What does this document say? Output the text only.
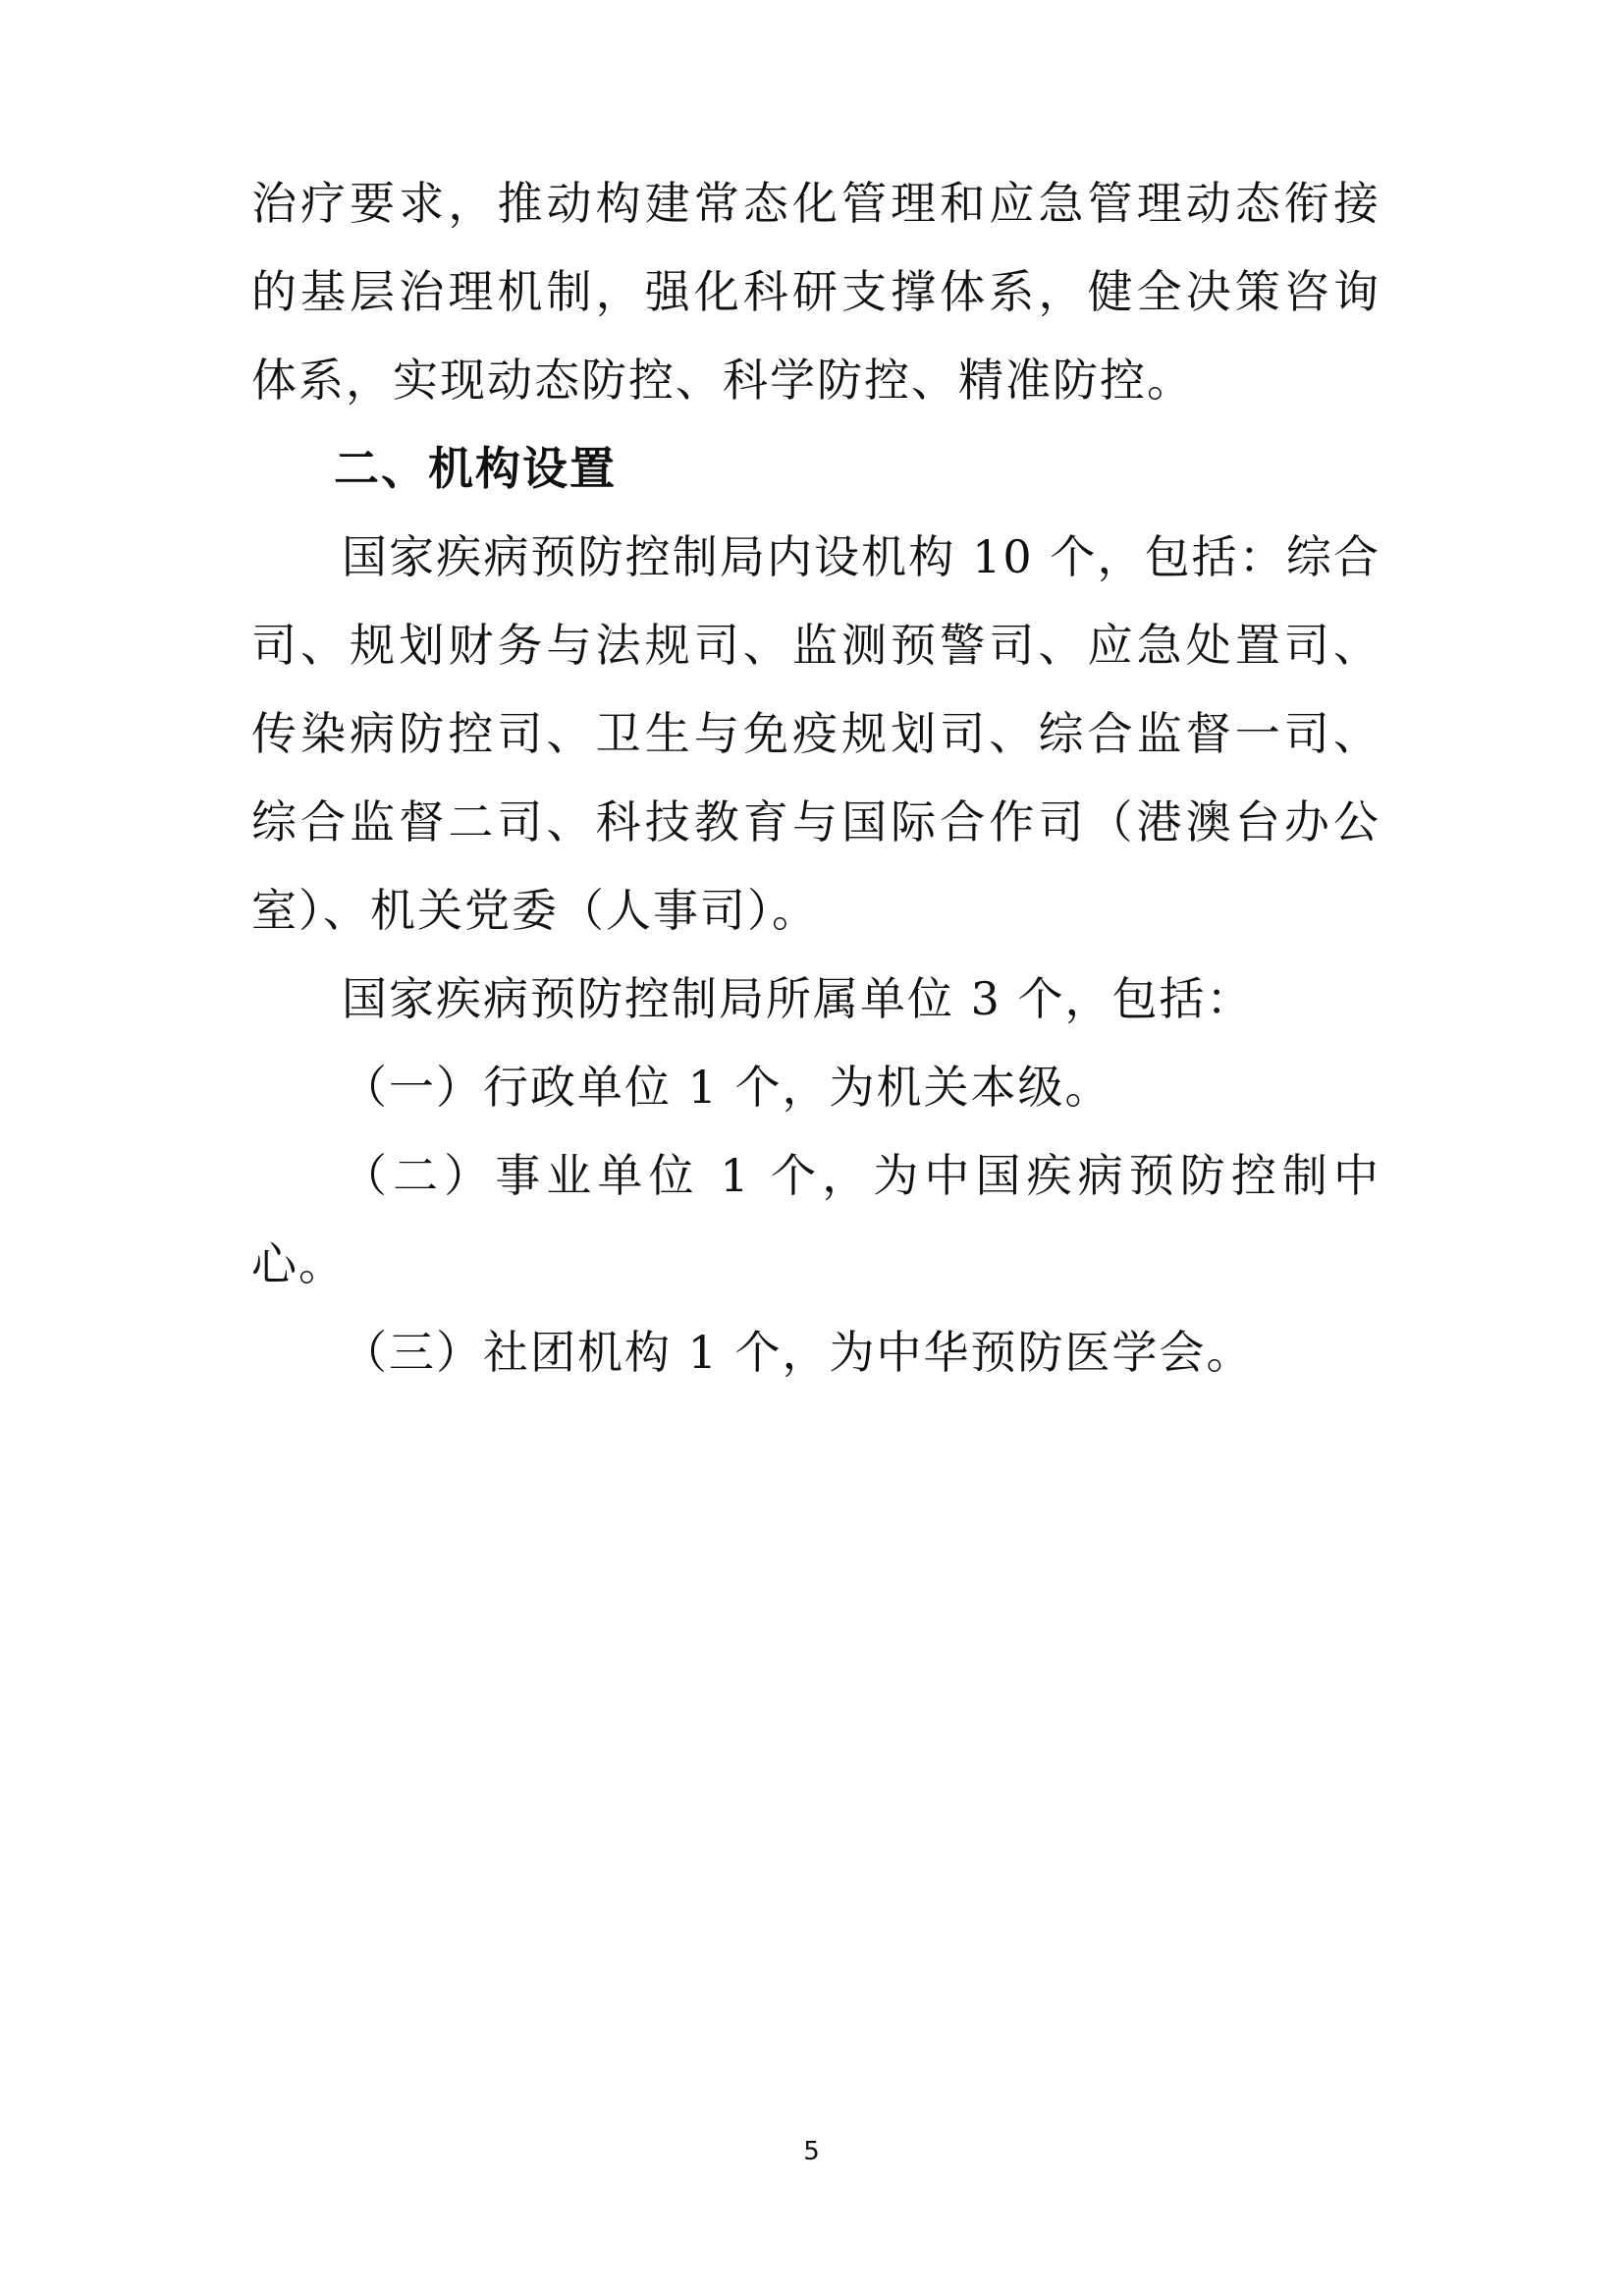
治疗要求，推动构建常态化管理和应急管理动态衔接的基层治理机制，强化科研支撑体系，健全决策咨询体系，实现动态防控、科学防控、精准防控。

二、机构设置

国家疾病预防控制局内设机构 10 个，包括：综合司、规划财务与法规司、监测预警司、应急处置司、传染病防控司、卫生与免疫规划司、综合监督一司、综合监督二司、科技教育与国际合作司（港澳台办公室）、机关党委（人事司）。

国家疾病预防控制局所属单位 3 个，包括：

（一）行政单位 1 个，为机关本级。

（二）事业单位 1 个，为中国疾病预防控制中心。

（三）社团机构 1 个，为中华预防医学会。

5
